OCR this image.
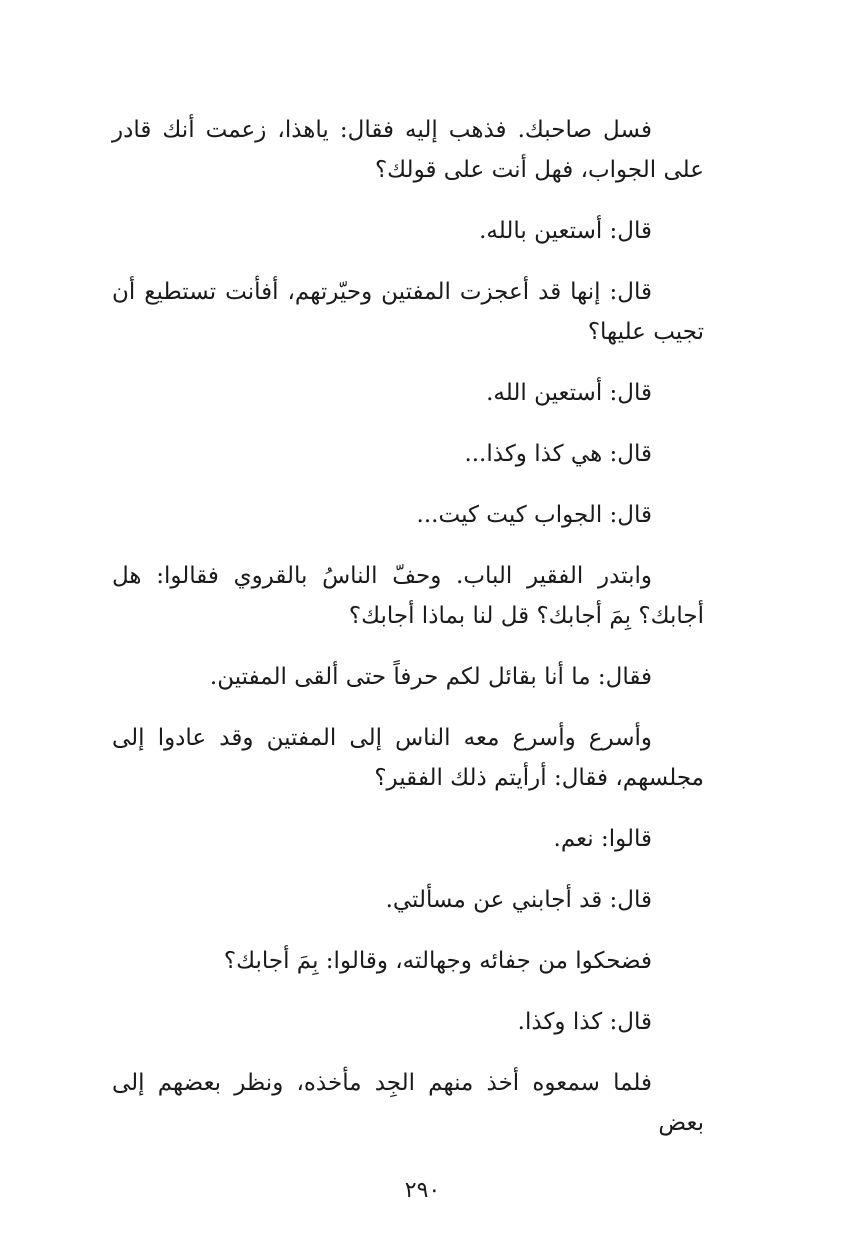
فسل صاحبك. فذهب إليه فقال: ياهذا، زعمت أنك قادر على الجواب، فهل أنت على قولك؟

قال: أستعين بالله.

قال: إنها قد أعجزت المفتين وحيّرتهم، أفأنت تستطيع أن تجيب عليها؟

قال: أستعين الله.

قال: هي كذا وكذا...

قال: الجواب كيت كيت...

وابتدر الفقير الباب. وحفّ الناسُ بالقروي فقالوا: هل أجابك؟ بِمَ أجابك؟ قل لنا بماذا أجابك؟

فقال: ما أنا بقائل لكم حرفاً حتى ألقى المفتين.

وأسرع وأسرع معه الناس إلى المفتين وقد عادوا إلى مجلسهم، فقال: أرأيتم ذلك الفقير؟

قالوا: نعم.

قال: قد أجابني عن مسألتي.

فضحكوا من جفائه وجهالته، وقالوا: بِمَ أجابك؟

قال: كذا وكذا.

فلما سمعوه أخذ منهم الجِد مأخذه، ونظر بعضهم إلى بعض

٢٩٠
